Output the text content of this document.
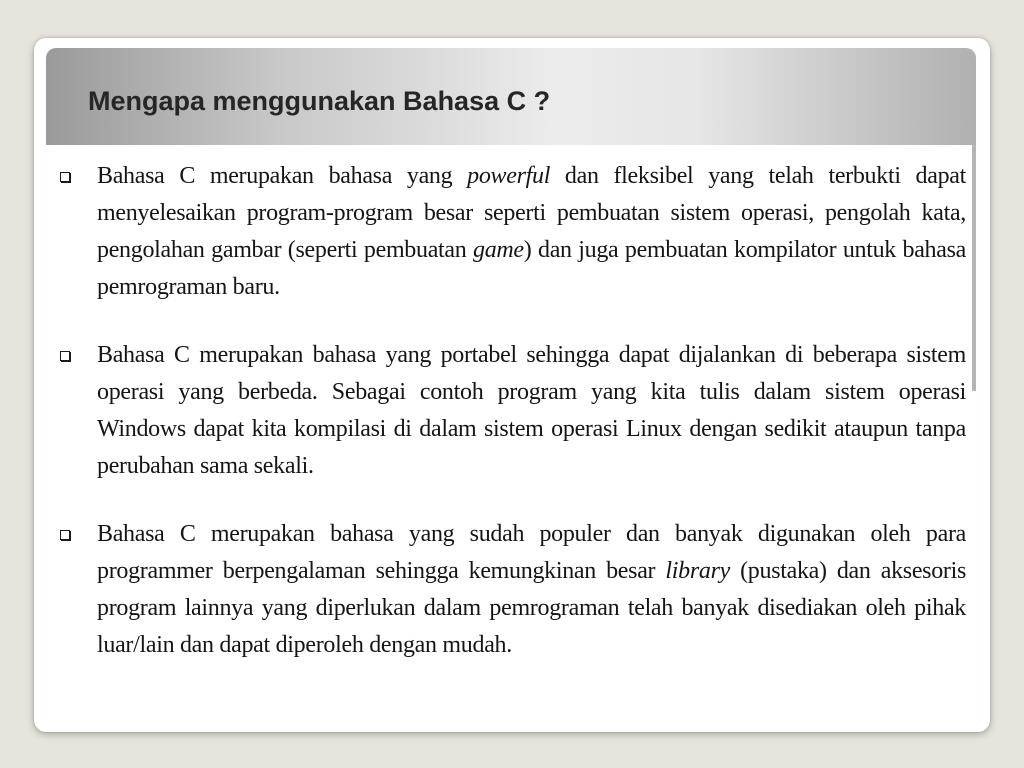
Mengapa menggunakan Bahasa C ?
Bahasa C merupakan bahasa yang powerful dan fleksibel yang telah terbukti dapat menyelesaikan program-program besar seperti pembuatan sistem operasi, pengolah kata, pengolahan gambar (seperti pembuatan game) dan juga pembuatan kompilator untuk bahasa pemrograman baru.
Bahasa C merupakan bahasa yang portabel sehingga dapat dijalankan di beberapa sistem operasi yang berbeda. Sebagai contoh program yang kita tulis dalam sistem operasi Windows dapat kita kompilasi di dalam sistem operasi Linux dengan sedikit ataupun tanpa perubahan sama sekali.
Bahasa C merupakan bahasa yang sudah populer dan banyak digunakan oleh para programmer berpengalaman sehingga kemungkinan besar library (pustaka) dan aksesoris program lainnya yang diperlukan dalam pemrograman telah banyak disediakan oleh pihak luar/lain dan dapat diperoleh dengan mudah.
